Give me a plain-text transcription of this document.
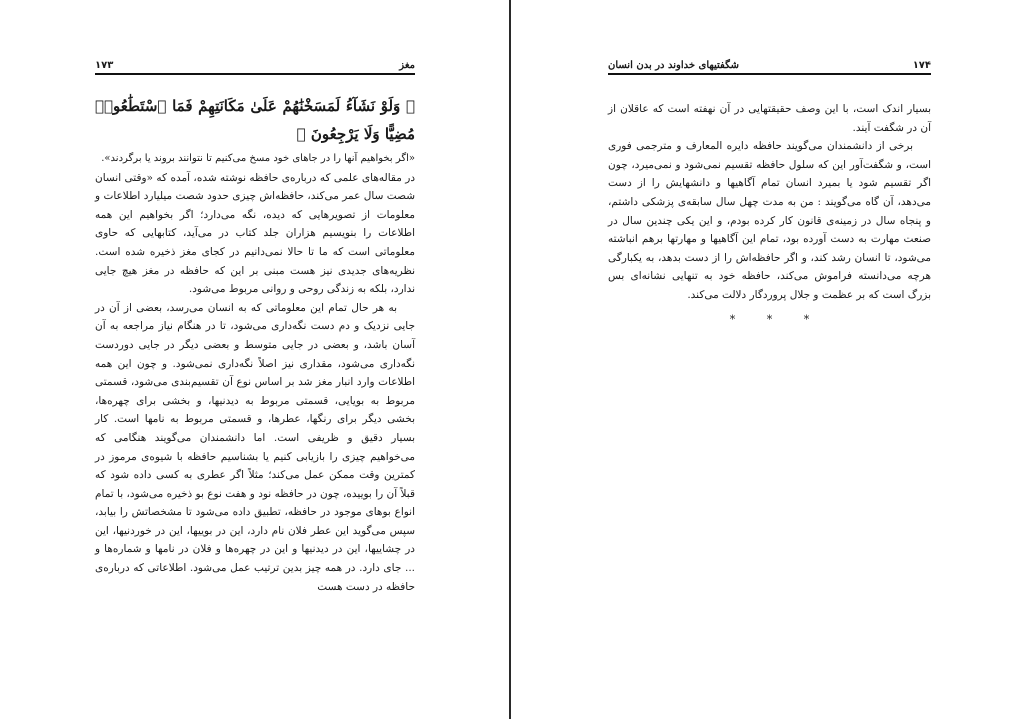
۱۷۳	مغز

﴿ وَلَوْ نَشَآءُ لَمَسَخْنَٰهُمْ عَلَىٰ مَكَانَتِهِمْ فَمَا ٱسْتَطَٰعُوا۟ مُضِيًّا وَلَا يَرْجِعُونَ ﴾

«اگر بخواهیم آنها را در جاهای خود مسخ می‌کنیم تا نتوانند بروند یا برگردند».

در مقاله‌های علمی که درباره‌ی حافظه نوشته شده، آمده که «وقتی انسان شصت سال عمر می‌کند، حافظه‌اش چیزی حدود شصت میلیارد اطلاعات و معلومات از تصویرهایی که دیده، نگه می‌دارد؛ اگر بخواهیم این همه اطلاعات را بنویسیم هزاران جلد کتاب در می‌آید، کتابهایی که حاوی معلوماتی است که ما تا حالا نمی‌دانیم در کجای مغز ذخیره شده است. نظریه‌های جدیدی نیز هست مبنی بر این که حافظه در مغز هیچ جایی ندارد، بلکه به زندگی روحی و روانی مربوط می‌شود.

به هر حال تمام این معلوماتی که به انسان می‌رسد، بعضی از آن در جایی نزدیک و دم دست نگه‌داری می‌شود، تا در هنگام نیاز مراجعه به آن آسان باشد، و بعضی در جایی متوسط و بعضی دیگر در جایی دوردست نگه‌داری می‌شود، مقداری نیز اصلاً نگه‌داری نمی‌شود. و چون این همه اطلاعات وارد انبار مغز شد بر اساس نوع آن تقسیم‌بندی می‌شود، قسمتی مربوط به بویایی، قسمتی مربوط به دیدنیها، و بخشی برای چهره‌ها، بخشی دیگر برای رنگها، عطرها، و قسمتی مربوط به نامها است. کار بسیار دقیق و ظریفی است. اما دانشمندان می‌گویند هنگامی که می‌خواهیم چیزی را بازیابی کنیم یا بشناسیم حافظه با شیوه‌ی مرموز در کمترین وقت ممکن عمل می‌کند؛ مثلاً اگر عطری به کسی داده شود که قبلاً آن را بوییده، چون در حافظه نود و هفت نوع بو ذخیره می‌شود، با تمام انواع بوهای موجود در حافظه، تطبیق داده می‌شود تا مشخصاتش را بیابد، سپس می‌گوید این عطر فلان نام دارد، این در بوییها، این در خوردنیها، این در چشاییها، این در دیدنیها و این در چهره‌ها و فلان در نامها و شماره‌ها و ... جای دارد. در همه چیز بدین ترتیب عمل می‌شود. اطلاعاتی که درباره‌ی حافظه در دست هست

شگفتیهای خداوند در بدن انسان	۱۷۴

بسیار اندک است، با این وصف حقیقتهایی در آن نهفته است که عاقلان از آن در شگفت آیند.

برخی از دانشمندان می‌گویند حافظه دایره المعارف و مترجمی فوری است، و شگفت‌آور این که سلول حافظه تقسیم نمی‌شود و نمی‌میرد، چون اگر تقسیم شود یا بمیرد انسان تمام آگاهیها و دانشهایش را از دست می‌دهد، آن گاه می‌گویند : من به مدت چهل سال سابقه‌ی پزشکی داشتم، و پنجاه سال در زمینه‌ی قانون کار کرده بودم، و این یکی چندین سال در صنعت مهارت به دست آورده بود، تمام این آگاهیها و مهارتها برهم انباشته می‌شود، تا انسان رشد کند، و اگر حافظه‌اش را از دست بدهد، به یکبارگی هرچه می‌دانسته فراموش می‌کند، حافظه خود به تنهایی نشانه‌ای بس بزرگ است که بر عظمت و جلال پروردگار دلالت می‌کند.

*	*	*
